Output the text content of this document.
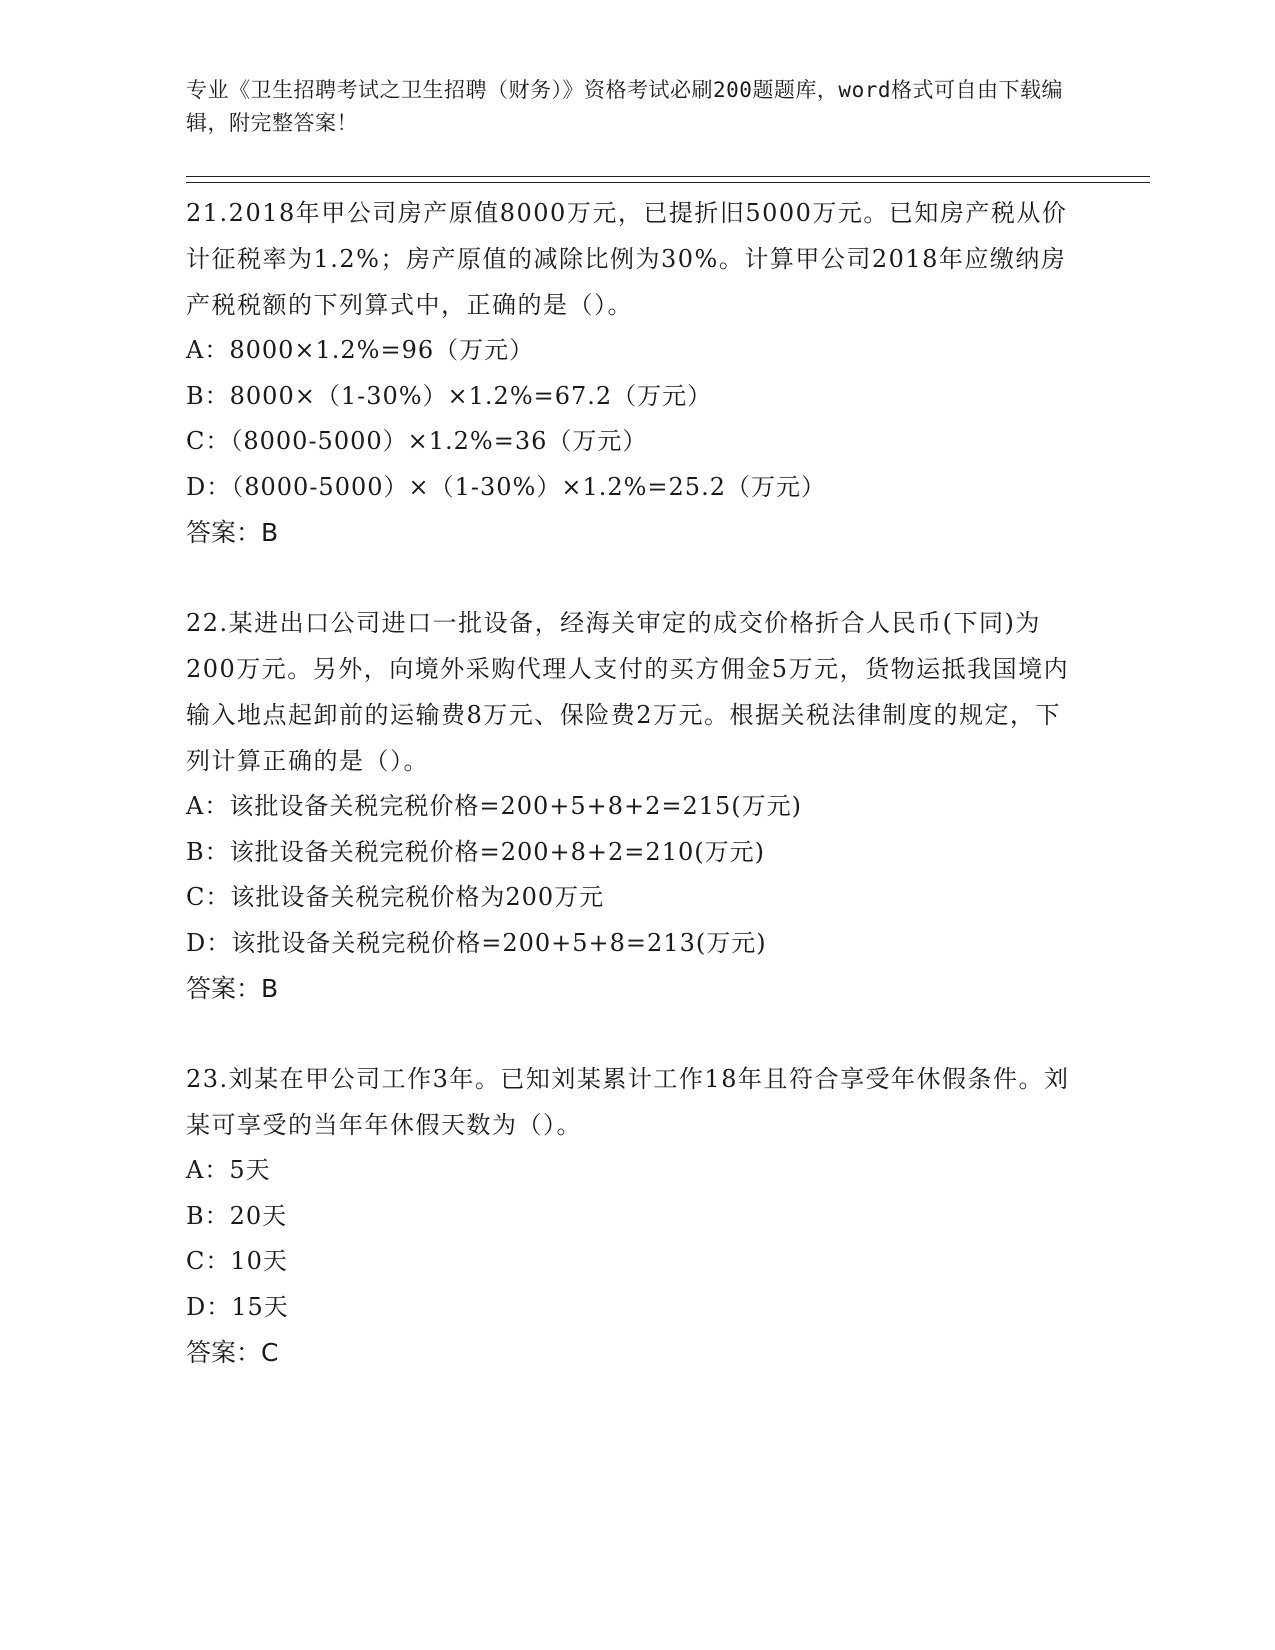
专业《卫生招聘考试之卫生招聘（财务）》资格考试必刷200题题库，word格式可自由下载编辑，附完整答案！

21.2018年甲公司房产原值8000万元，已提折旧5000万元。已知房产税从价计征税率为1.2%；房产原值的减除比例为30%。计算甲公司2018年应缴纳房产税税额的下列算式中，正确的是（）。

A：8000×1.2%=96（万元）

B：8000×（1-30%）×1.2%=67.2（万元）

C：（8000-5000）×1.2%=36（万元）

D：（8000-5000）×（1-30%）×1.2%=25.2（万元）

答案：B

22.某进出口公司进口一批设备，经海关审定的成交价格折合人民币(下同)为200万元。另外，向境外采购代理人支付的买方佣金5万元，货物运抵我国境内输入地点起卸前的运输费8万元、保险费2万元。根据关税法律制度的规定，下列计算正确的是（）。

A：该批设备关税完税价格=200+5+8+2=215(万元)

B：该批设备关税完税价格=200+8+2=210(万元)

C：该批设备关税完税价格为200万元

D：该批设备关税完税价格=200+5+8=213(万元)

答案：B

23.刘某在甲公司工作3年。已知刘某累计工作18年且符合享受年休假条件。刘某可享受的当年年休假天数为（）。

A：5天

B：20天

C：10天

D：15天

答案：C
